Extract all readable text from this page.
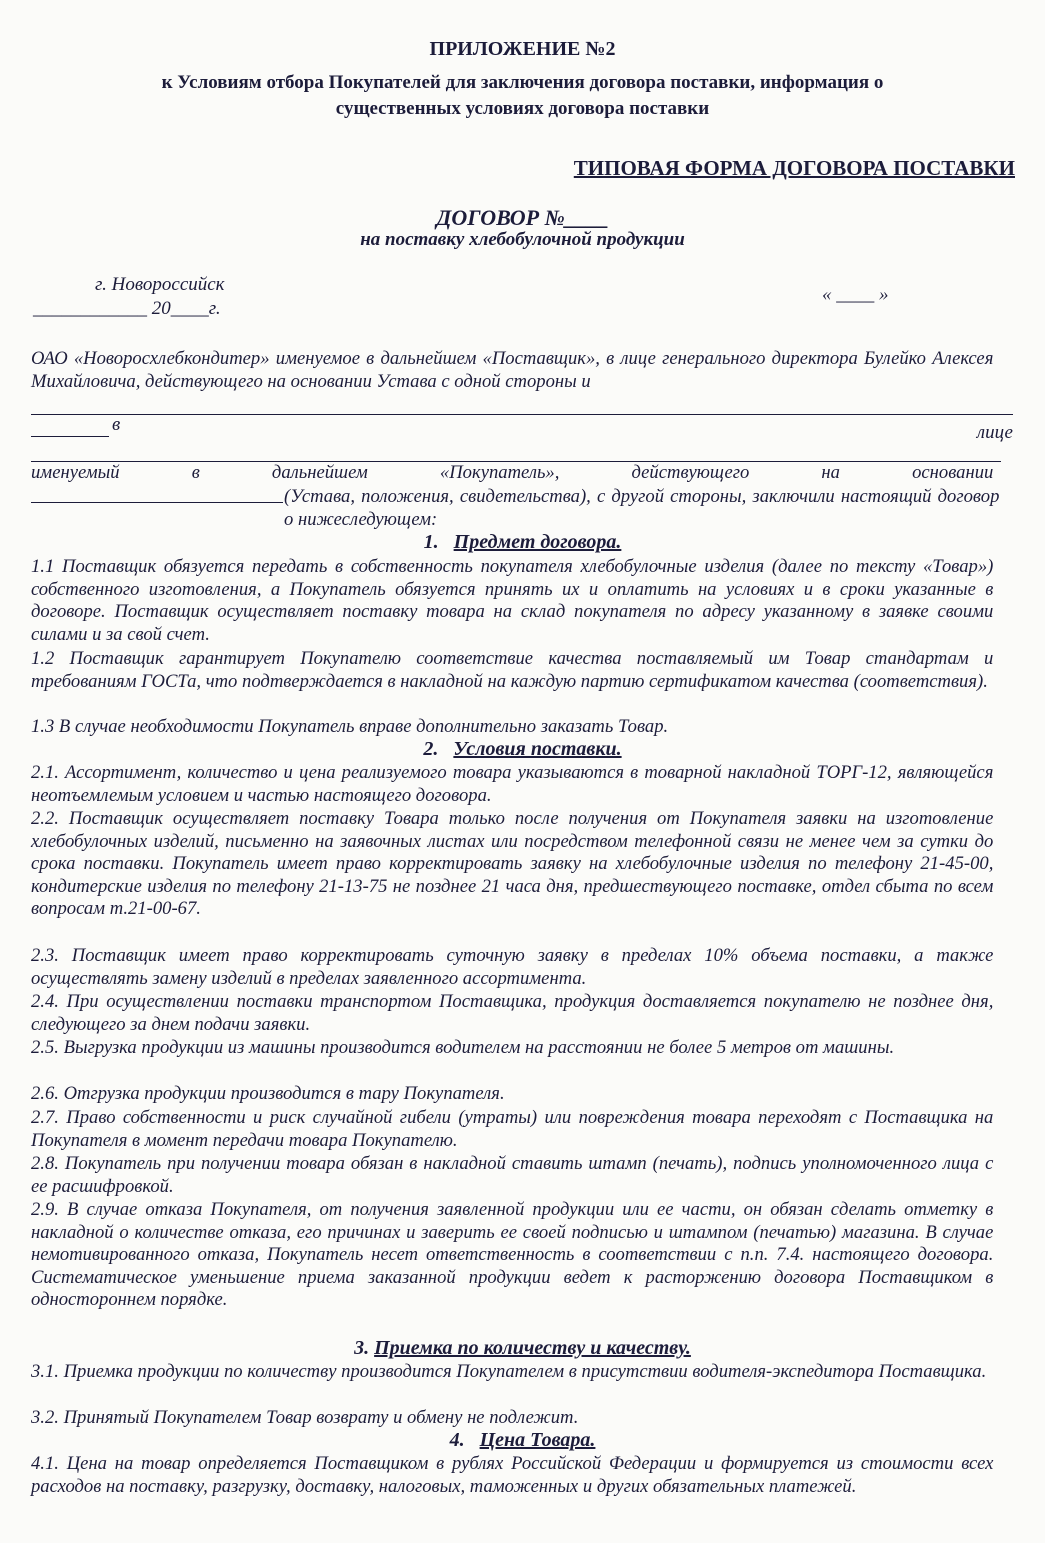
ПРИЛОЖЕНИЕ №2
к Условиям отбора Покупателей для заключения договора поставки, информация о
существенных условиях договора поставки
ТИПОВАЯ ФОРМА ДОГОВОРА ПОСТАВКИ
ДОГОВОР №____
на поставку хлебобулочной продукции
г. Новороссийск
____________ 20____г.
« ____ »
ОАО «Новоросхлебкондитер» именуемое в дальнейшем «Поставщик», в лице генерального директора Булейко Алексея Михайловича, действующего на основании Устава с одной стороны и
в	лице
именуемый в дальнейшем «Покупатель», действующего на основании
(Устава, положения, свидетельства), с другой стороны, заключили настоящий договор о нижеследующем:
1. Предмет договора.
1.1 Поставщик обязуется передать в собственность покупателя хлебобулочные изделия (далее по тексту «Товар») собственного изготовления, а Покупатель обязуется принять их и оплатить на условиях и в сроки указанные в договоре. Поставщик осуществляет поставку товара на склад покупателя по адресу указанному в заявке своими силами и за свой счет.
1.2 Поставщик гарантирует Покупателю соответствие качества поставляемый им Товар стандартам и требованиям ГОСТа, что подтверждается в накладной на каждую партию сертификатом качества (соответствия).
1.3 В случае необходимости Покупатель вправе дополнительно заказать Товар.
2. Условия поставки.
2.1. Ассортимент, количество и цена реализуемого товара указываются в товарной накладной ТОРГ-12, являющейся неотъемлемым условием и частью настоящего договора.
2.2. Поставщик осуществляет поставку Товара только после получения от Покупателя заявки на изготовление хлебобулочных изделий, письменно на заявочных листах или посредством телефонной связи не менее чем за сутки до срока поставки. Покупатель имеет право корректировать заявку на хлебобулочные изделия по телефону 21-45-00, кондитерские изделия по телефону 21-13-75 не позднее 21 часа дня, предшествующего поставке, отдел сбыта по всем вопросам т.21-00-67.
2.3. Поставщик имеет право корректировать суточную заявку в пределах 10% объема поставки, а также осуществлять замену изделий в пределах заявленного ассортимента.
2.4. При осуществлении поставки транспортом Поставщика, продукция доставляется покупателю не позднее дня, следующего за днем подачи заявки.
2.5. Выгрузка продукции из машины производится водителем на расстоянии не более 5 метров от машины.
2.6. Отгрузка продукции производится в тару Покупателя.
2.7. Право собственности и риск случайной гибели (утраты) или повреждения товара переходят с Поставщика на Покупателя в момент передачи товара Покупателю.
2.8. Покупатель при получении товара обязан в накладной ставить штамп (печать), подпись уполномоченного лица с ее расшифровкой.
2.9. В случае отказа Покупателя, от получения заявленной продукции или ее части, он обязан сделать отметку в накладной о количестве отказа, его причинах и заверить ее своей подписью и штампом (печатью) магазина. В случае немотивированного отказа, Покупатель несет ответственность в соответствии с п.п. 7.4. настоящего договора. Систематическое уменьшение приема заказанной продукции ведет к расторжению договора Поставщиком в одностороннем порядке.
3. Приемка по количеству и качеству.
3.1. Приемка продукции по количеству производится Покупателем в присутствии водителя-экспедитора Поставщика.
3.2. Принятый Покупателем Товар возврату и обмену не подлежит.
4. Цена Товара.
4.1. Цена на товар определяется Поставщиком в рублях Российской Федерации и формируется из стоимости всех расходов на поставку, разгрузку, доставку, налоговых, таможенных и других обязательных платежей.
